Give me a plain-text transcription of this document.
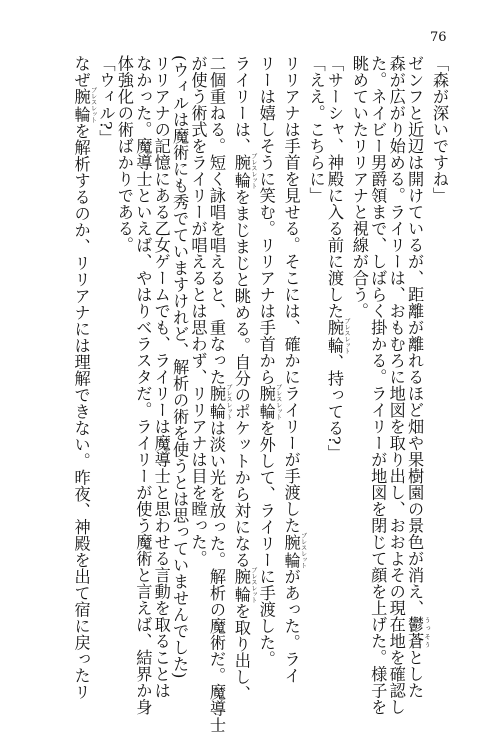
76

「森が深いですね」

ゼンフと近辺は開けているが、距離が離れるほど畑や果樹園の景色が消え、鬱蒼 うっそうとした

森が広がり始める。ライリーは、おもむろに地図を取り出し、おおよその現在地を確認し

た。ネイビー男爵領まで、しばらく掛かる。ライリーが地図を閉じて顔を上げた。様子を

眺めていたリリアナと視線が合う。

「サーシャ、神殿に入る前に渡した腕輪 ブレスレット、持ってる?」

「ええ。こちらに」

リリアナは手首を見せる。そこには、確かにライリーが手渡した腕輪 ブレスレットがあった。ライ

リーは嬉しそうに笑む。リリアナは手首から腕輪 ブレスレットを外して、ライリーに手渡した。

ライリーは、腕輪 ブレスレットをまじまじと眺める。自分のポケットから対になる腕輪 ブレスレットを取り出し、

二個重ねる。短く詠唱を唱えると、重なった腕輪 ブレスレットは淡い光を放った。解析の魔術だ。魔導士

が使う術式をライリーが唱えるとは思わず、リリアナは目を瞠った。

(ウィルは魔術にも秀でていますけれど、解析の術を使うとは思っていませんでした)

リリアナの記憶にある乙女ゲームでも、ライリーは魔導士と思わせる言動を取ることは

なかった。魔導士といえば、やはりベラスタだ。ライリーが使う魔術と言えば、結界か身

体強化の術ばかりである。

「ウィル?」

なぜ腕輪 ブレスレットを解析するのか、リリアナには理解できない。昨夜、神殿を出て宿に戻ったリ
